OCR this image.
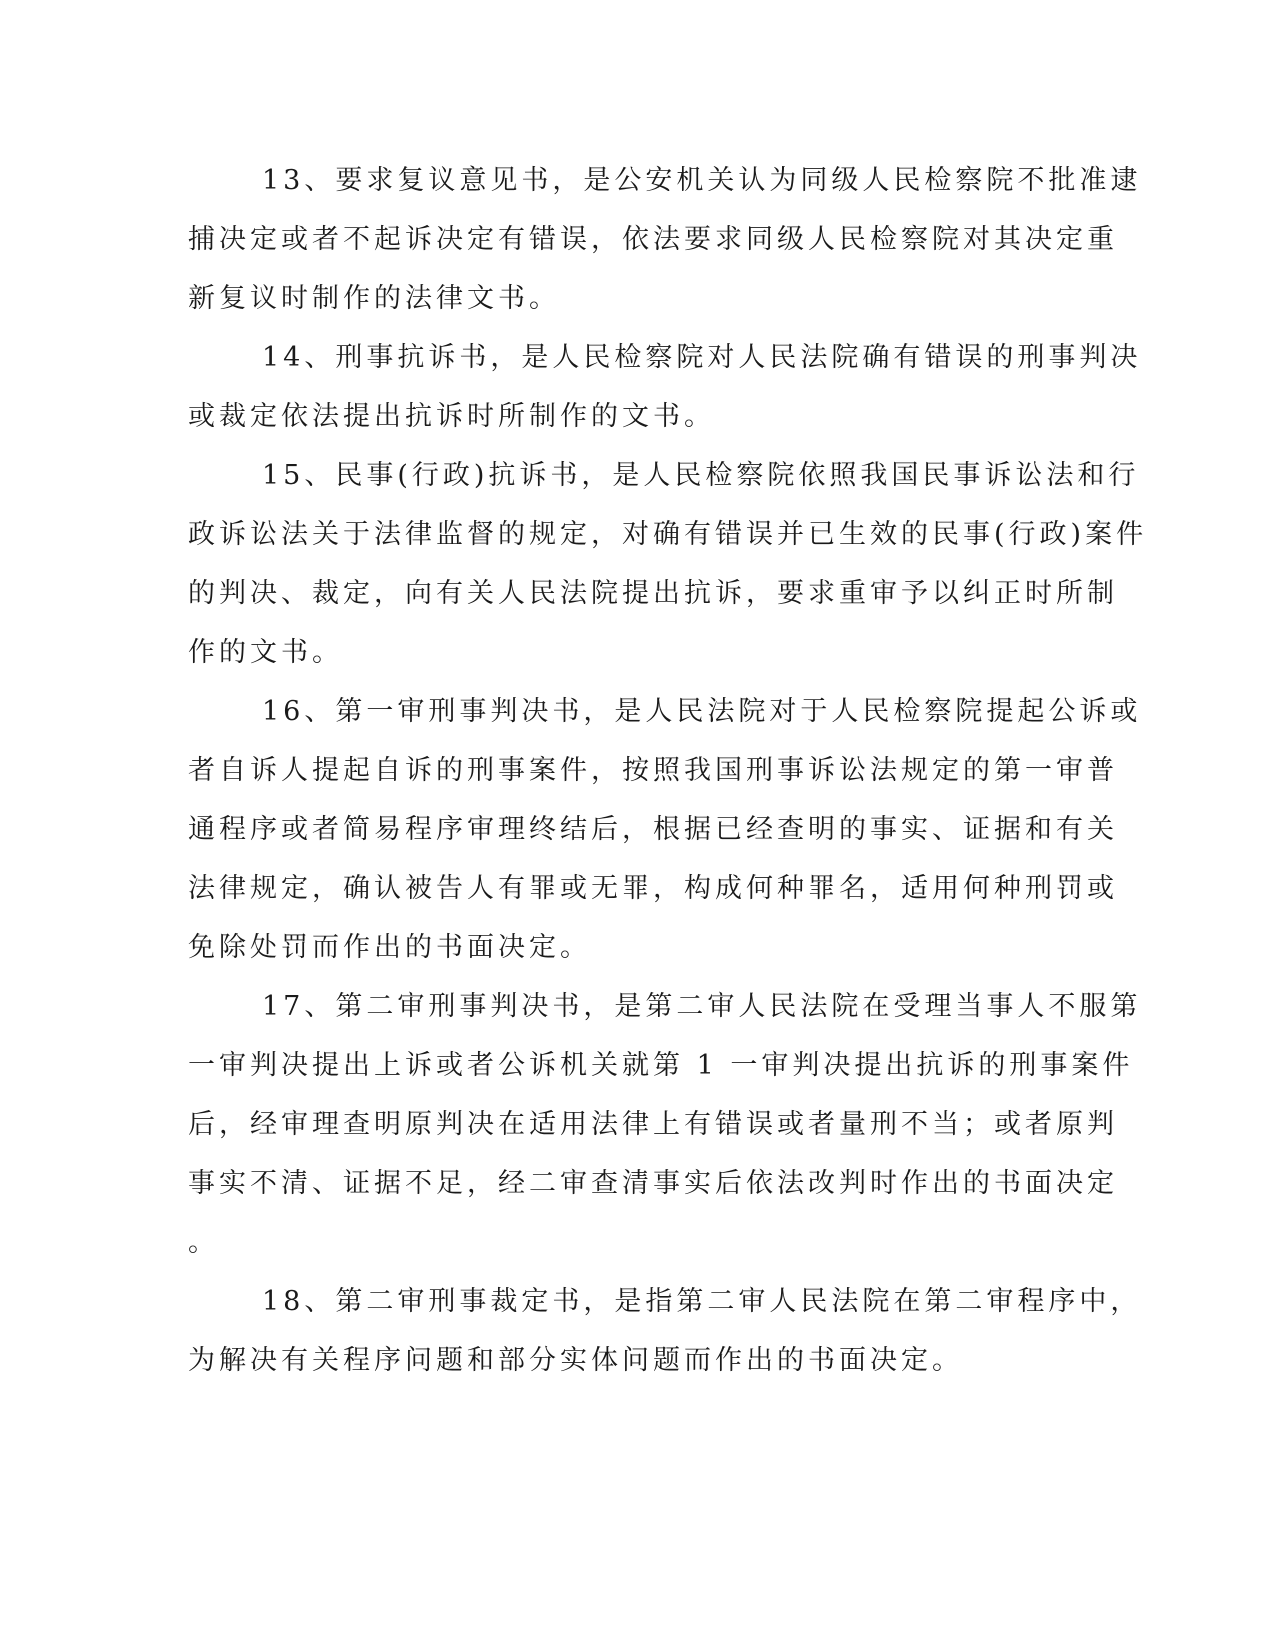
13、要求复议意见书，是公安机关认为同级人民检察院不批准逮
捕决定或者不起诉决定有错误，依法要求同级人民检察院对其决定重
新复议时制作的法律文书。
14、刑事抗诉书，是人民检察院对人民法院确有错误的刑事判决
或裁定依法提出抗诉时所制作的文书。
15、民事(行政)抗诉书，是人民检察院依照我国民事诉讼法和行
政诉讼法关于法律监督的规定，对确有错误并已生效的民事(行政)案件
的判决、裁定，向有关人民法院提出抗诉，要求重审予以纠正时所制
作的文书。
16、第一审刑事判决书，是人民法院对于人民检察院提起公诉或
者自诉人提起自诉的刑事案件，按照我国刑事诉讼法规定的第一审普
通程序或者简易程序审理终结后，根据已经查明的事实、证据和有关
法律规定，确认被告人有罪或无罪，构成何种罪名，适用何种刑罚或
免除处罚而作出的书面决定。
17、第二审刑事判决书，是第二审人民法院在受理当事人不服第
一审判决提出上诉或者公诉机关就第 1 一审判决提出抗诉的刑事案件
后，经审理查明原判决在适用法律上有错误或者量刑不当；或者原判
事实不清、证据不足，经二审查清事实后依法改判时作出的书面决定
。
18、第二审刑事裁定书，是指第二审人民法院在第二审程序中，
为解决有关程序问题和部分实体问题而作出的书面决定。
